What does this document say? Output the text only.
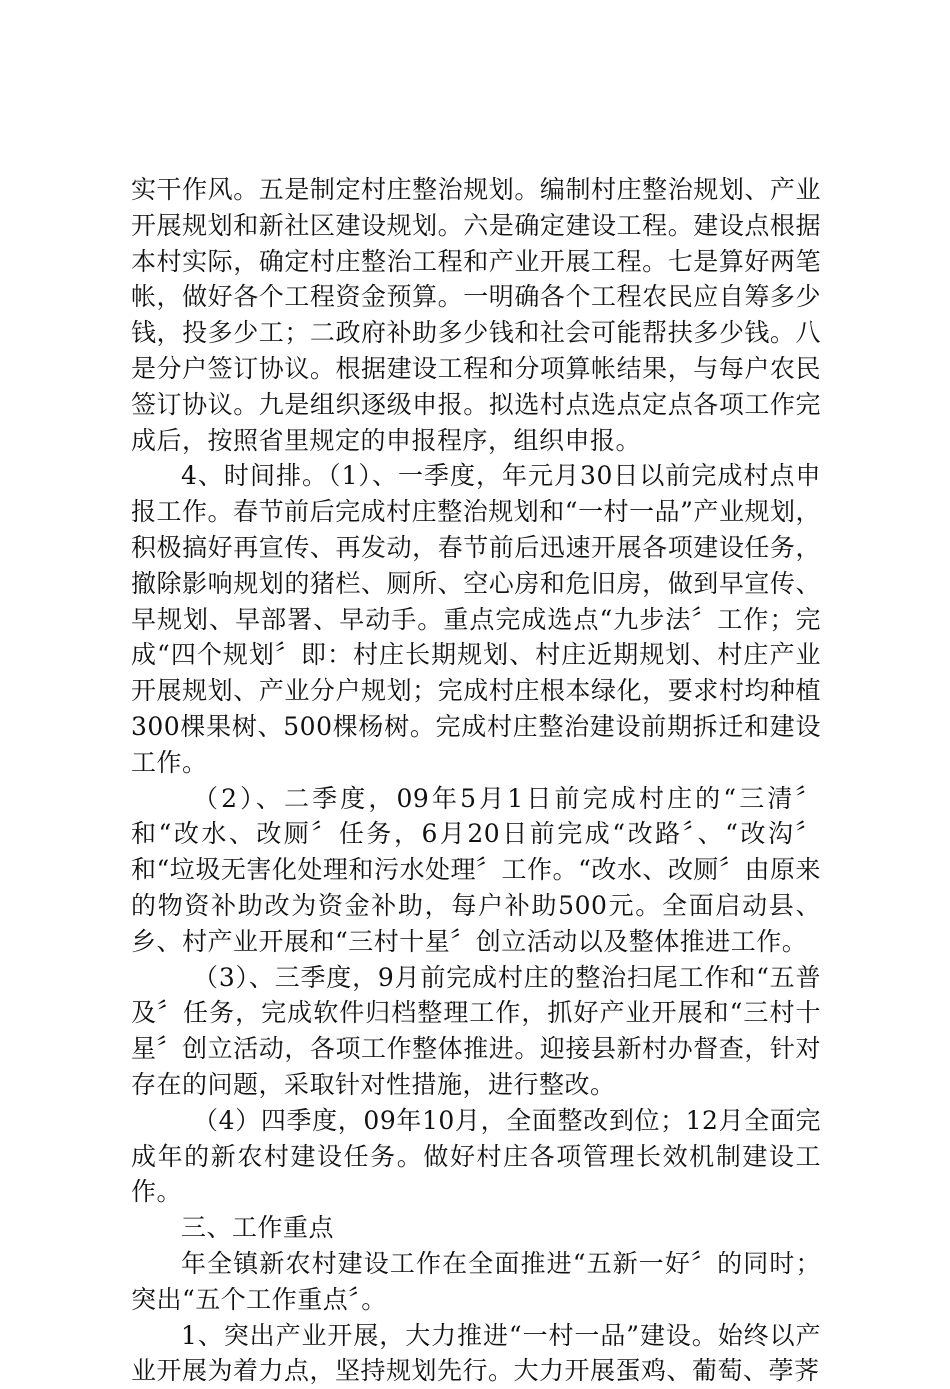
实干作风。五是制定村庄整治规划。编制村庄整治规划、产业开展规划和新社区建设规划。六是确定建设工程。建设点根据本村实际，确定村庄整治工程和产业开展工程。七是算好两笔帐，做好各个工程资金预算。一明确各个工程农民应自筹多少钱，投多少工；二政府补助多少钱和社会可能帮扶多少钱。八是分户签订协议。根据建设工程和分项算帐结果，与每户农民签订协议。九是组织逐级申报。拟选村点选点定点各项工作完成后，按照省里规定的申报程序，组织申报。

4、时间排。（1）、一季度，年元月30日以前完成村点申报工作。春节前后完成村庄整治规划和“一村一品”产业规划，积极搞好再宣传、再发动，春节前后迅速开展各项建设任务，撤除影响规划的猪栏、厕所、空心房和危旧房，做到早宣传、早规划、早部署、早动手。重点完成选点“九步法〞工作；完成“四个规划〞即：村庄长期规划、村庄近期规划、村庄产业开展规划、产业分户规划；完成村庄根本绿化，要求村均种植300棵果树、500棵杨树。完成村庄整治建设前期拆迁和建设工作。

（2）、二季度，09年5月1日前完成村庄的“三清〞和“改水、改厕〞任务，6月20日前完成“改路〞、“改沟〞和“垃圾无害化处理和污水处理〞工作。“改水、改厕〞由原来的物资补助改为资金补助，每户补助500元。全面启动县、乡、村产业开展和“三村十星〞创立活动以及整体推进工作。

（3）、三季度，9月前完成村庄的整治扫尾工作和“五普及〞任务，完成软件归档整理工作，抓好产业开展和“三村十星〞创立活动，各项工作整体推进。迎接县新村办督查，针对存在的问题，采取针对性措施，进行整改。

（4）四季度，09年10月，全面整改到位；12月全面完成年的新农村建设任务。做好村庄各项管理长效机制建设工作。

三、工作重点

年全镇新农村建设工作在全面推进“五新一好〞的同时；突出“五个工作重点〞。

1、突出产业开展，大力推进“一村一品”建设。始终以产业开展为着力点，坚持规划先行。大力开展蛋鸡、葡萄、荸荠
